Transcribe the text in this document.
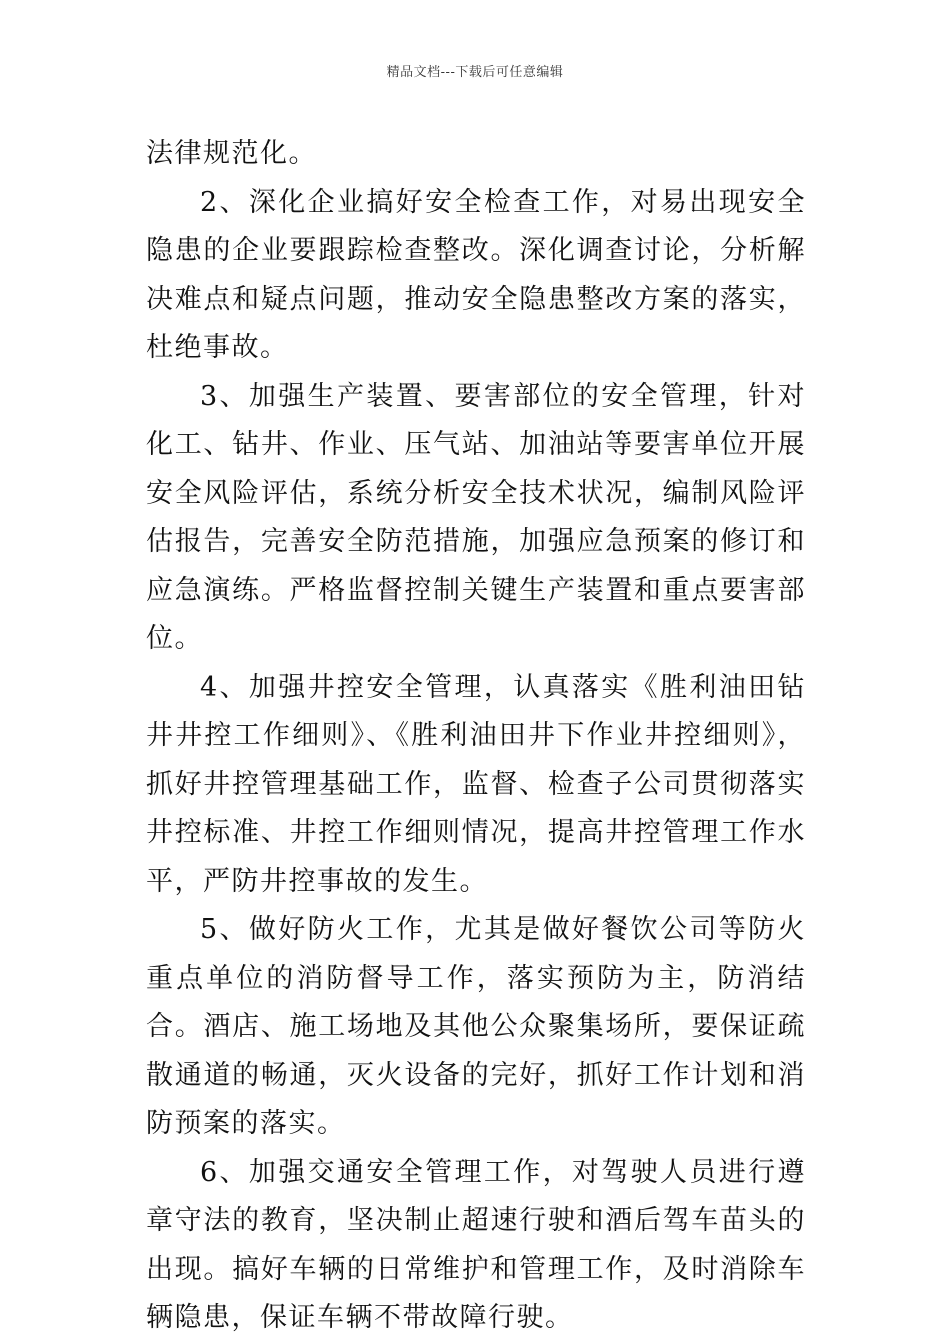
精品文档---下载后可任意编辑

法律规范化。

2、深化企业搞好安全检查工作，对易出现安全隐患的企业要跟踪检查整改。深化调查讨论，分析解决难点和疑点问题，推动安全隐患整改方案的落实，杜绝事故。

3、加强生产装置、要害部位的安全管理，针对化工、钻井、作业、压气站、加油站等要害单位开展安全风险评估，系统分析安全技术状况，编制风险评估报告，完善安全防范措施，加强应急预案的修订和应急演练。严格监督控制关键生产装置和重点要害部位。

4、加强井控安全管理，认真落实《胜利油田钻井井控工作细则》、《胜利油田井下作业井控细则》，抓好井控管理基础工作，监督、检查子公司贯彻落实井控标准、井控工作细则情况，提高井控管理工作水平，严防井控事故的发生。

5、做好防火工作，尤其是做好餐饮公司等防火重点单位的消防督导工作，落实预防为主，防消结合。酒店、施工场地及其他公众聚集场所，要保证疏散通道的畅通，灭火设备的完好，抓好工作计划和消防预案的落实。

6、加强交通安全管理工作，对驾驶人员进行遵章守法的教育，坚决制止超速行驶和酒后驾车苗头的出现。搞好车辆的日常维护和管理工作，及时消除车辆隐患，保证车辆不带故障行驶。
